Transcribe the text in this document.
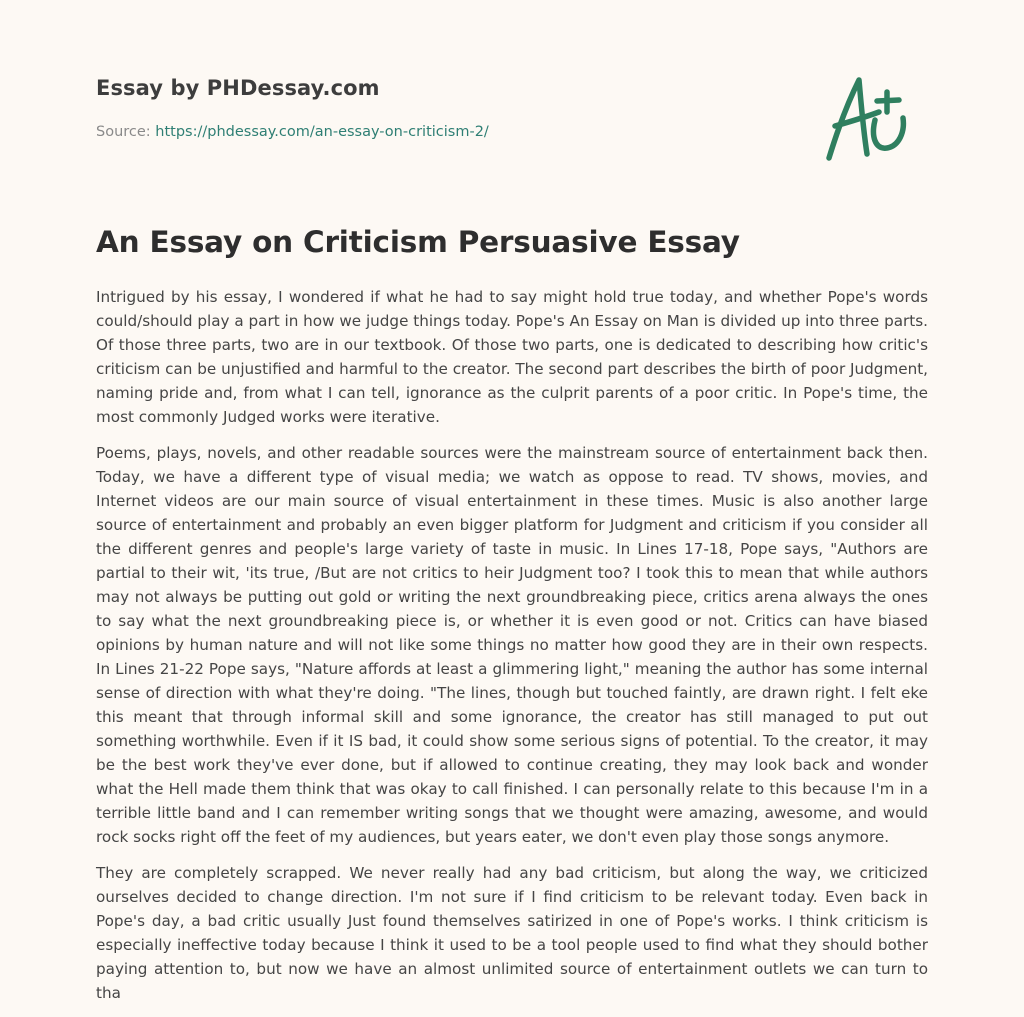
Essay by PHDessay.com
Source: https://phdessay.com/an-essay-on-criticism-2/
An Essay on Criticism Persuasive Essay

Intrigued by his essay, I wondered if what he had to say might hold true today, and whether Pope's words could/should play a part in how we judge things today. Pope's An Essay on Man is divided up into three parts. Of those three parts, two are in our textbook. Of those two parts, one is dedicated to describing how critic's criticism can be unjustified and harmful to the creator. The second part describes the birth of poor Judgment, naming pride and, from what I can tell, ignorance as the culprit parents of a poor critic. In Pope's time, the most commonly Judged works were iterative.

Poems, plays, novels, and other readable sources were the mainstream source of entertainment back then. Today, we have a different type of visual media; we watch as oppose to read. TV shows, movies, and Internet videos are our main source of visual entertainment in these times. Music is also another large source of entertainment and probably an even bigger platform for Judgment and criticism if you consider all the different genres and people's large variety of taste in music. In Lines 17-18, Pope says, "Authors are partial to their wit, 'its true, /But are not critics to heir Judgment too? I took this to mean that while authors may not always be putting out gold or writing the next groundbreaking piece, critics arena always the ones to say what the next groundbreaking piece is, or whether it is even good or not. Critics can have biased opinions by human nature and will not like some things no matter how good they are in their own respects. In Lines 21-22 Pope says, "Nature affords at least a glimmering light," meaning the author has some internal sense of direction with what they're doing. "The lines, though but touched faintly, are drawn right. I felt eke this meant that through informal skill and some ignorance, the creator has still managed to put out something worthwhile. Even if it IS bad, it could show some serious signs of potential. To the creator, it may be the best work they've ever done, but if allowed to continue creating, they may look back and wonder what the Hell made them think that was okay to call finished. I can personally relate to this because I'm in a terrible little band and I can remember writing songs that we thought were amazing, awesome, and would rock socks right off the feet of my audiences, but years eater, we don't even play those songs anymore.

They are completely scrapped. We never really had any bad criticism, but along the way, we criticized ourselves decided to change direction. I'm not sure if I find criticism to be relevant today. Even back in Pope's day, a bad critic usually Just found themselves satirized in one of Pope's works. I think criticism is especially ineffective today because I think it used to be a tool people used to find what they should bother paying attention to, but now we have an almost unlimited source of entertainment outlets we can turn to tha
